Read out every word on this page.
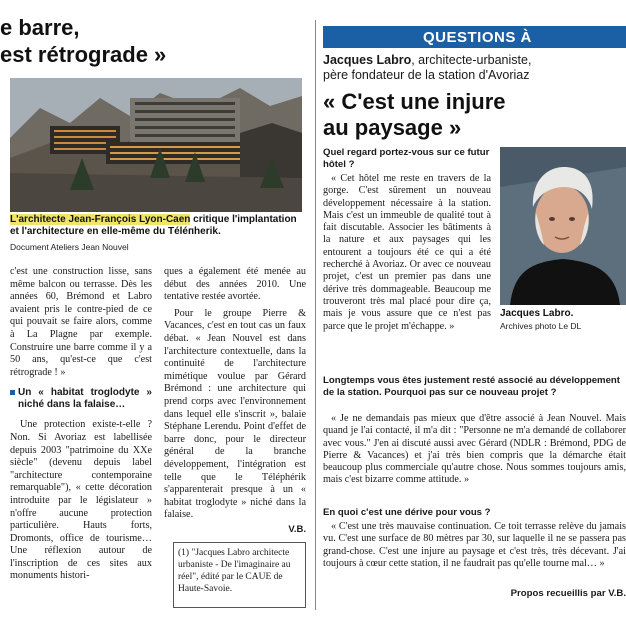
e barre,
est rétrograde »
L'architecte Jean-François Lyon-Caen critique l'implantation et l'architecture en elle-même du Téléпherik.
Document Ateliers Jean Nouvel

c'est une construction lisse, sans même balcon ou terrasse. Dès les années 60, Brémond et Labro avaient pris le contre-pied de ce qui pouvait se faire alors, comme à La Plagne par exemple. Construire une barre comme il y a 50 ans, qu'est-ce que c'est rétrograde ! »

Un « habitat troglodyte » niché dans la falaise…

Une protection existe-t-elle ? Non. Si Avoriaz est labellisée depuis 2003 "patrimoine du XXe siècle" (devenu depuis label "architecture contemporaine remarquable"), « cette décoration introduite par le législateur » n'offre aucune protection particulière. Hauts forts, Dromonts, office de tourisme… Une réflexion autour de l'inscription de ces sites aux monuments histori-

ques a également été menée au début des années 2010. Une tentative restée avortée.

Pour le groupe Pierre & Vacances, c'est en tout cas un faux débat. « Jean Nouvel est dans l'architecture contextuelle, dans la continuité de l'architecture mimétique voulue par Gérard Brémond : une architecture qui prend corps avec l'environnement dans lequel elle s'inscrit », balaie Stéphane Lerendu. Point d'effet de barre donc, pour le directeur général de la branche développement, l'intégration est telle que le Téléphérik s'apparenterait presque à un « habitat troglodyte » niché dans la falaise.

V.B.
(1) "Jacques Labro architecte urbaniste - De l'imaginaire au réel", édité par le CAUE de Haute-Savoie.
QUESTIONS À
Jacques Labro, architecte-urbaniste,
père fondateur de la station d'Avoriaz
« C'est une injure
au paysage »
Quel regard portez-vous sur ce futur hôtel ?
« Cet hôtel me reste en travers de la gorge. C'est sûrement un nouveau développement nécessaire à la station. Mais c'est un immeuble de qualité tout à fait discutable. Associer les bâtiments à la nature et aux paysages qui les entourent a toujours été ce qui a été recherché à Avoriaz. Or avec ce nouveau projet, c'est un premier pas dans une dérive très dommageable. Beaucoup me trouveront très mal placé pour dire ça, mais je vous assure que ce n'est pas parce que le projet m'échappe. »
Jacques Labro.
Archives photo Le DL
Longtemps vous êtes justement resté associé au développement de la station. Pourquoi pas sur ce nouveau projet ?
« Je ne demandais pas mieux que d'être associé à Jean Nouvel. Mais quand je l'ai contacté, il m'a dit : "Personne ne m'a demandé de collaborer avec vous." J'en ai discuté aussi avec Gérard (NDLR : Brémond, PDG de Pierre & Vacances) et j'ai très bien compris que la démarche était beaucoup plus commerciale qu'autre chose. Nous sommes toujours amis, mais c'est bizarre comme attitude. »
En quoi c'est une dérive pour vous ?
« C'est une très mauvaise continuation. Ce toit terrasse relève du jamais vu. C'est une surface de 80 mètres par 30, sur laquelle il ne se passera pas grand-chose. C'est une injure au paysage et c'est très, très décevant. J'ai toujours à cœur cette station, il ne faudrait pas qu'elle tourne mal… »
Propos recueillis par V.B.
